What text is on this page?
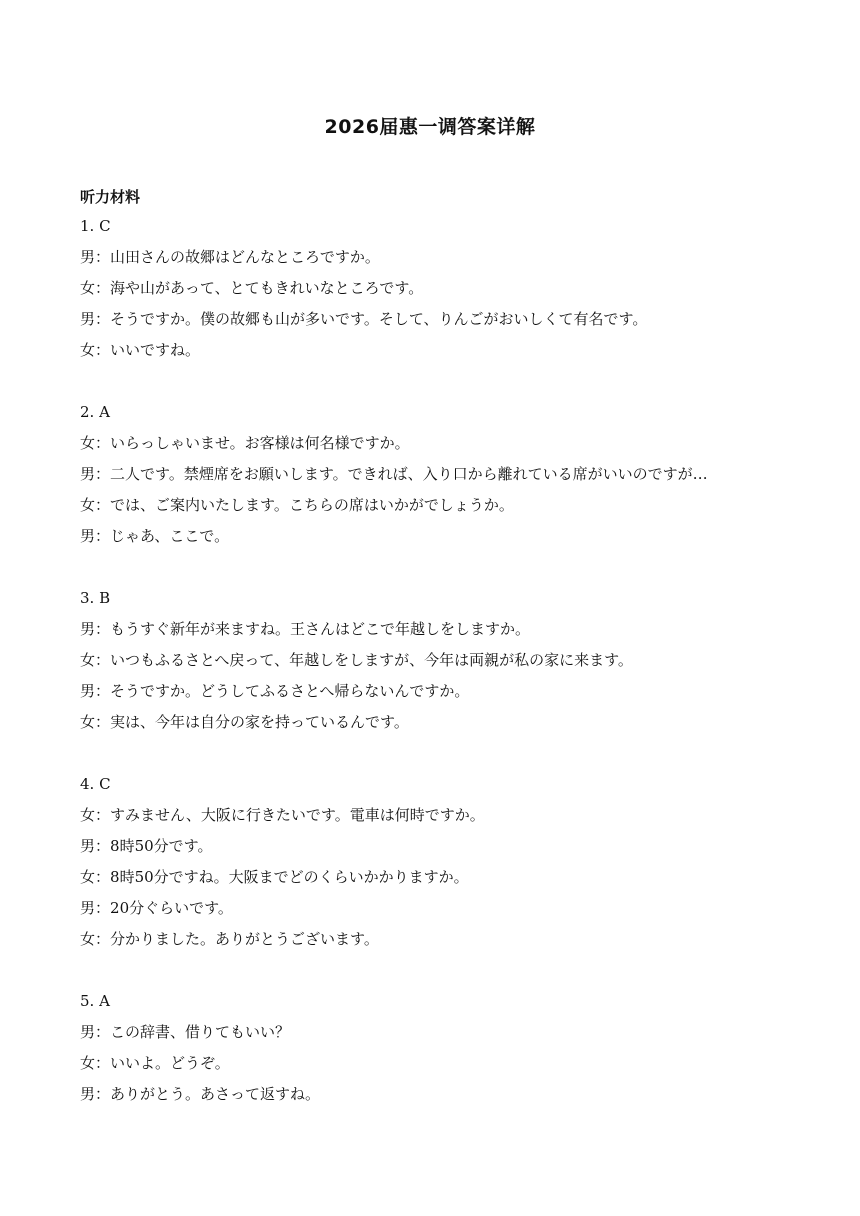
2026届惠一调答案详解
听力材料
1. C
男：山田さんの故郷はどんなところですか。
女：海や山があって、とてもきれいなところです。
男：そうですか。僕の故郷も山が多いです。そして、りんごがおいしくて有名です。
女：いいですね。
2. A
女：いらっしゃいませ。お客様は何名様ですか。
男：二人です。禁煙席をお願いします。できれば、入り口から離れている席がいいのですが…
女：では、ご案内いたします。こちらの席はいかがでしょうか。
男：じゃあ、ここで。
3. B
男：もうすぐ新年が来ますね。王さんはどこで年越しをしますか。
女：いつもふるさとへ戻って、年越しをしますが、今年は両親が私の家に来ます。
男：そうですか。どうしてふるさとへ帰らないんですか。
女：実は、今年は自分の家を持っているんです。
4. C
女：すみません、大阪に行きたいです。電車は何時ですか。
男：8時50分です。
女：8時50分ですね。大阪までどのくらいかかりますか。
男：20分ぐらいです。
女：分かりました。ありがとうございます。
5. A
男：この辞書、借りてもいい？
女：いいよ。どうぞ。
男：ありがとう。あさって返すね。
